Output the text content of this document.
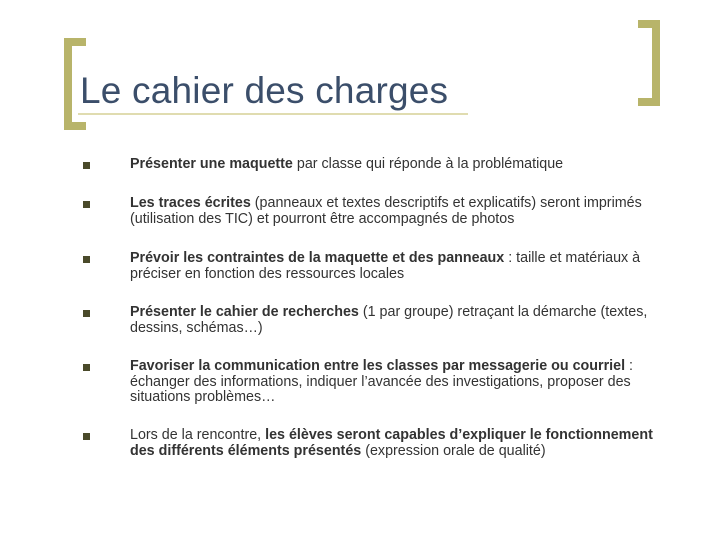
Le cahier des charges
Présenter une maquette par classe qui réponde à la problématique
Les traces écrites (panneaux et textes descriptifs et explicatifs) seront imprimés (utilisation des TIC) et pourront être accompagnés de photos
Prévoir les contraintes de la maquette et des panneaux : taille et matériaux à préciser en fonction des ressources locales
Présenter le cahier de recherches (1 par groupe) retraçant la démarche (textes, dessins, schémas…)
Favoriser la communication entre les classes par messagerie ou courriel : échanger des informations, indiquer l’avancée des investigations, proposer des situations problèmes…
Lors de la rencontre, les élèves seront capables d’expliquer le fonctionnement des différents éléments présentés (expression orale de qualité)
